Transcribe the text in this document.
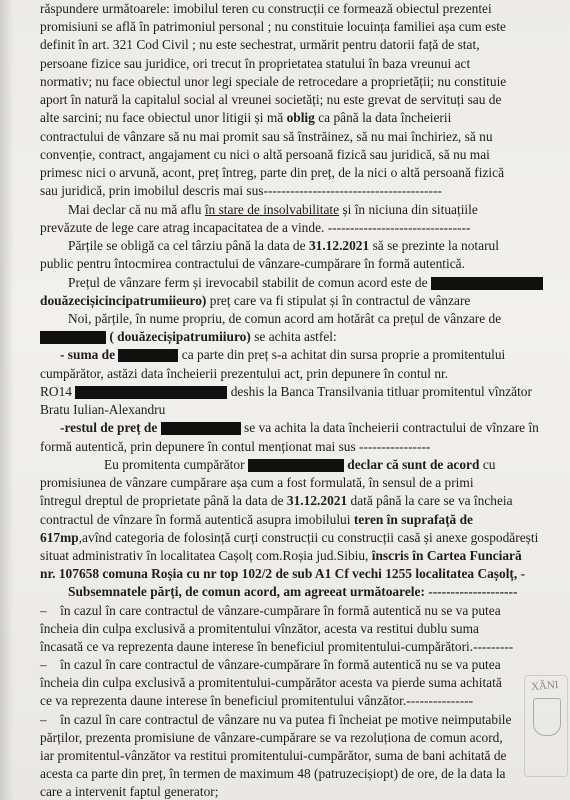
răspundere următoarele: imobilul teren cu construcții ce formează obiectul prezentei
promisiuni se află în patrimoniul personal ; nu constituie locuința familiei așa cum este
definit în art. 321 Cod Civil ; nu este sechestrat, urmărit pentru datorii față de stat,
persoane fizice sau juridice, ori trecut în proprietatea statului în baza vreunui act
normativ; nu face obiectul unor legi speciale de retrocedare a proprietății; nu constituie
aport în natură la capitalul social al vreunei societăți; nu este grevat de servituți sau de
alte sarcini; nu face obiectul unor litigii și mă oblig ca până la data încheierii
contractului de vânzare să nu mai promit sau să înstrăinez, să nu mai închiriez, să nu
convenție, contract, angajament cu nici o altă persoană fizică sau juridică, să nu mai
primesc nici o arvună, acont, preț întreg, parte din preț, de la nici o altă persoană fizică
sau juridică, prin imobilul descris mai sus----------------------------------------
Mai declar că nu mă aflu în stare de insolvabilitate și în niciuna din situațiile
prevăzute de lege care atrag incapacitatea de a vinde. --------------------------------
Părțile se obligă ca cel târziu până la data de 31.12.2021 să se prezinte la notarul
public pentru întocmirea contractului de vânzare-cumpărare în formă autentică.
Prețul de vânzare ferm și irevocabil stabilit de comun acord este de
douăzecișicincipatrumiieuro) preț care va fi stipulat și în contractul de vânzare
Noi, părțile, în nume propriu, de comun acord am hotărât ca prețul de vânzare de
( douăzecișipatrumiiuro) se achita astfel:
- suma de	ca parte din preț s-a achitat din sursa proprie a promitentului
cumpărător, astăzi data încheierii prezentului act, prin depunere în contul nr.
RO14	deshis la Banca Transilvania titluar promitentul vînzător
Bratu Iulian-Alexandru
-restul de preț de	se va achita la data încheierii contractului de vînzare în
formă autentică, prin depunere în contul menționat mai sus ----------------
Eu promitenta cumpărător	declar că sunt de acord cu
promisiunea de vânzare cumpărare așa cum a fost formulată, în sensul de a primi
întregul dreptul de proprietate până la data de 31.12.2021 dată până la care se va încheia
contractul de vînzare în formă autentică asupra imobilului teren în suprafață de
617mp,avînd categoria de folosință curți construcții cu construcții casă și anexe gospodărești
situat administrativ în localitatea Cașolț com.Roșia jud.Sibiu, înscris în Cartea Funciară
nr. 107658 comuna Roșia cu nr top 102/2 de sub A1 Cf vechi 1255 localitatea Cașolț, -
Subsemnatele părți, de comun acord, am agreeat următoarele: --------------------
–    în cazul în care contractul de vânzare-cumpărare în formă autentică nu se va putea
încheia din culpa exclusivă a promitentului vînzător, acesta va restitui dublu suma
încasată ce va reprezenta daune interese în beneficiul promitentului-cumpărători.---------
–    în cazul în care contractul de vânzare-cumpărare în formă autentică nu se va putea
încheia din culpa exclusivă a promitentului-cumpărător acesta va pierde suma achitată
ce va reprezenta daune interese în beneficiul promitentului vânzător.---------------
–    în cazul în care contractul de vânzare nu va putea fi încheiat pe motive neimputabile
părților, prezenta promisiune de vânzare-cumpărare se va rezoluționa de comun acord,
iar promitentul-vânzător va restitui promitentului-cumpărător, suma de bani achitată de
acesta ca parte din preț, în termen de maximum 48 (patruzecișiopt) de ore, de la data la
care a intervenit faptul generator;
XĂNI
